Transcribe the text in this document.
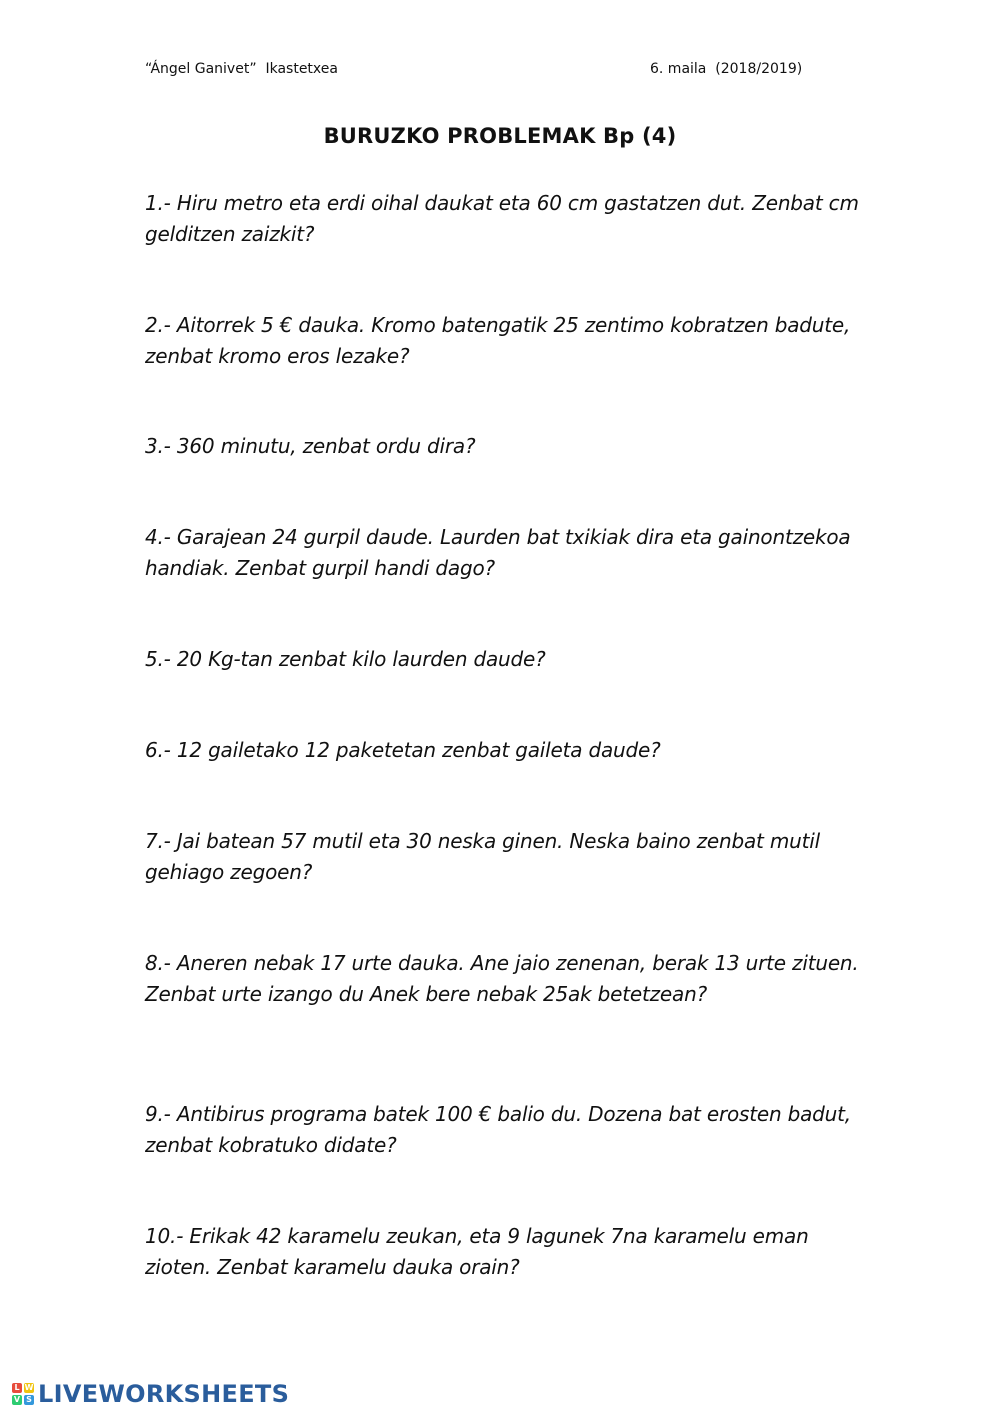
“Ángel Ganivet”  Ikastetxea	6. maila  (2018/2019)
BURUZKO PROBLEMAK Bp (4)
1.- Hiru metro eta erdi oihal daukat eta 60 cm gastatzen dut. Zenbat cm gelditzen zaizkit?
2.- Aitorrek 5 € dauka. Kromo batengatik 25 zentimo kobratzen badute, zenbat kromo eros lezake?
3.- 360 minutu, zenbat ordu dira?
4.- Garajean 24 gurpil daude. Laurden bat txikiak dira eta gainontzekoa handiak. Zenbat gurpil handi dago?
5.- 20 Kg-tan zenbat kilo laurden daude?
6.- 12 gailetako 12 paketetan zenbat gaileta daude?
7.- Jai batean 57 mutil eta 30 neska ginen. Neska baino zenbat mutil gehiago zegoen?
8.- Aneren nebak 17 urte dauka. Ane jaio zenenan, berak 13 urte zituen. Zenbat urte izango du Anek bere nebak 25ak betetzean?
9.- Antibirus programa batek 100 € balio du. Dozena bat erosten badut, zenbat kobratuko didate?
10.- Erikak 42 karamelu zeukan, eta 9 lagunek 7na karamelu eman zioten. Zenbat karamelu dauka orain?
L W
V S LIVEWORKSHEETS
